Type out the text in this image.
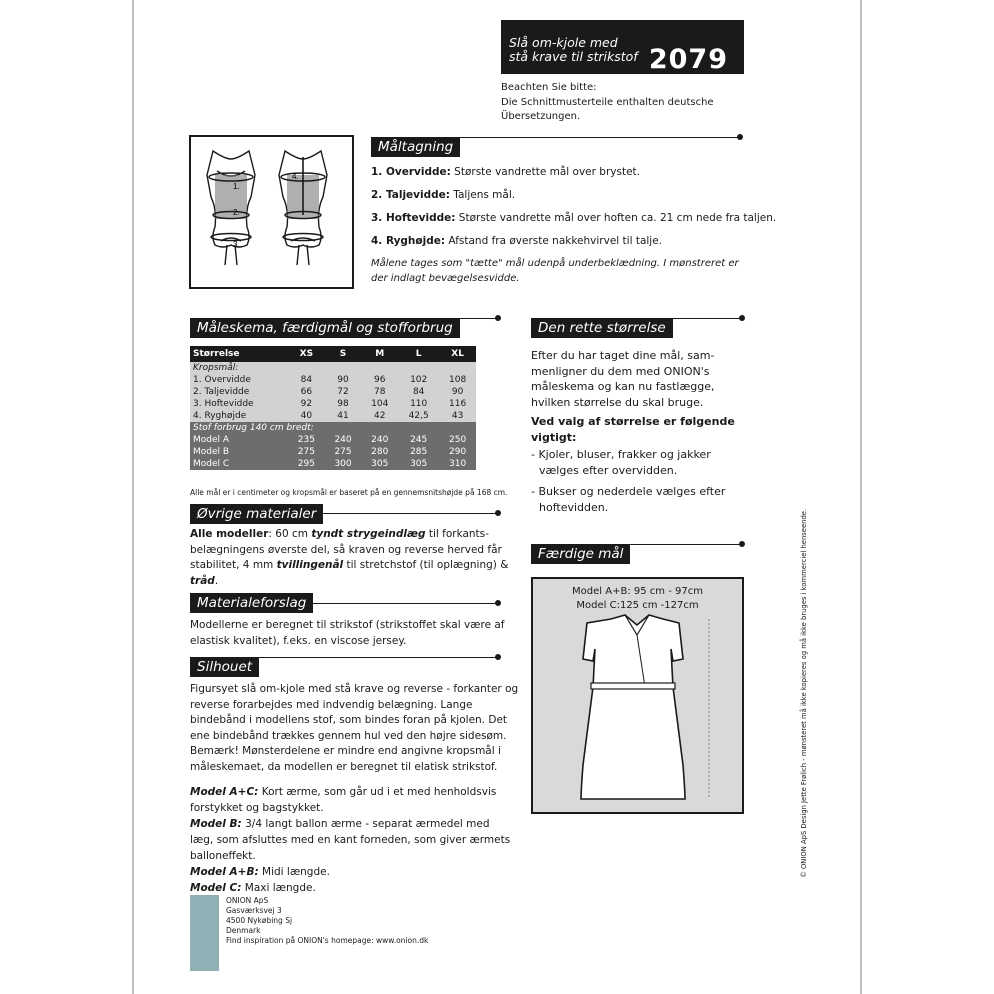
Slå om-kjole med
stå krave til strikstof 2079
Beachten Sie bitte:
Die Schnittmusterteile enthalten deutsche
Übersetzungen.
Måltagning
1.
2.
3.
4.	1. Overvidde: Største vandrette mål over brystet.
2. Taljevidde: Taljens mål.
3. Hoftevidde: Største vandrette mål over hoften ca. 21 cm nede fra taljen.
4. Ryghøjde: Afstand fra øverste nakkehvirvel til talje.
Målene tages som "tætte" mål udenpå underbeklædning. I mønstreret er der indlagt bevægelsesvidde.
Måleskema, færdigmål og stofforbrug
Størrelse	XS	S	M	L	XL
Kropsmål:					
1. Overvidde	84	90	96	102	108
2. Taljevidde	66	72	78	84	90
3. Hoftevidde	92	98	104	110	116
4. Ryghøjde	40	41	42	42,5	43
Stof forbrug 140 cm bredt:					
Model A	235	240	240	245	250
Model B	275	275	280	285	290
Model C	295	300	305	305	310
Alle mål er i centimeter og kropsmål er baseret på en gennemsnitshøjde på 168 cm.
Øvrige materialer
Alle modeller: 60 cm tyndt strygeindlæg til forkants-
belægningens øverste del, så kraven og reverse herved får
stabilitet, 4 mm tvillingenål til stretchstof (til oplægning) &
tråd.
Materialeforslag
Modellerne er beregnet til strikstof (strikstoffet skal være af
elastisk kvalitet), f.eks. en viscose jersey.
Silhouet
Figursyet slå om-kjole med stå krave og reverse - forkanter og
reverse forarbejdes med indvendig belægning. Lange
bindebånd i modellens stof, som bindes foran på kjolen. Det
ene bindebånd trækkes gennem hul ved den højre sidesøm.
Bemærk! Mønsterdelene er mindre end angivne kropsmål i
måleskemaet, da modellen er beregnet til elatisk strikstof.
Model A+C: Kort ærme, som går ud i et med henholdsvis
forstykket og bagstykket.
Model B: 3/4 langt ballon ærme - separat ærmedel med
læg, som afsluttes med en kant forneden, som giver ærmets
balloneffekt.
Model A+B: Midi længde.
Model C: Maxi længde.
Den rette størrelse
Efter du har taget dine mål, sam-
menligner du dem med ONION's
måleskema og kan nu fastlægge,
hvilken størrelse du skal bruge.
Ved valg af størrelse er følgende
vigtigt:
- Kjoler, bluser, frakker og jakker
vælges efter overvidden.
- Bukser og nederdele vælges efter
hoftevidden.
Færdige mål
Model A+B: 95 cm - 97cm
Model C:125 cm -127cm
ONION ApS
Gasværksvej 3
4500 Nykøbing Sj
Denmark
Find inspiration på ONION's homepage: www.onion.dk
© ONION ApS Design Jette Frølich - mønsteret må ikke kopieres og må ikke bruges i kommerciel henseende.
